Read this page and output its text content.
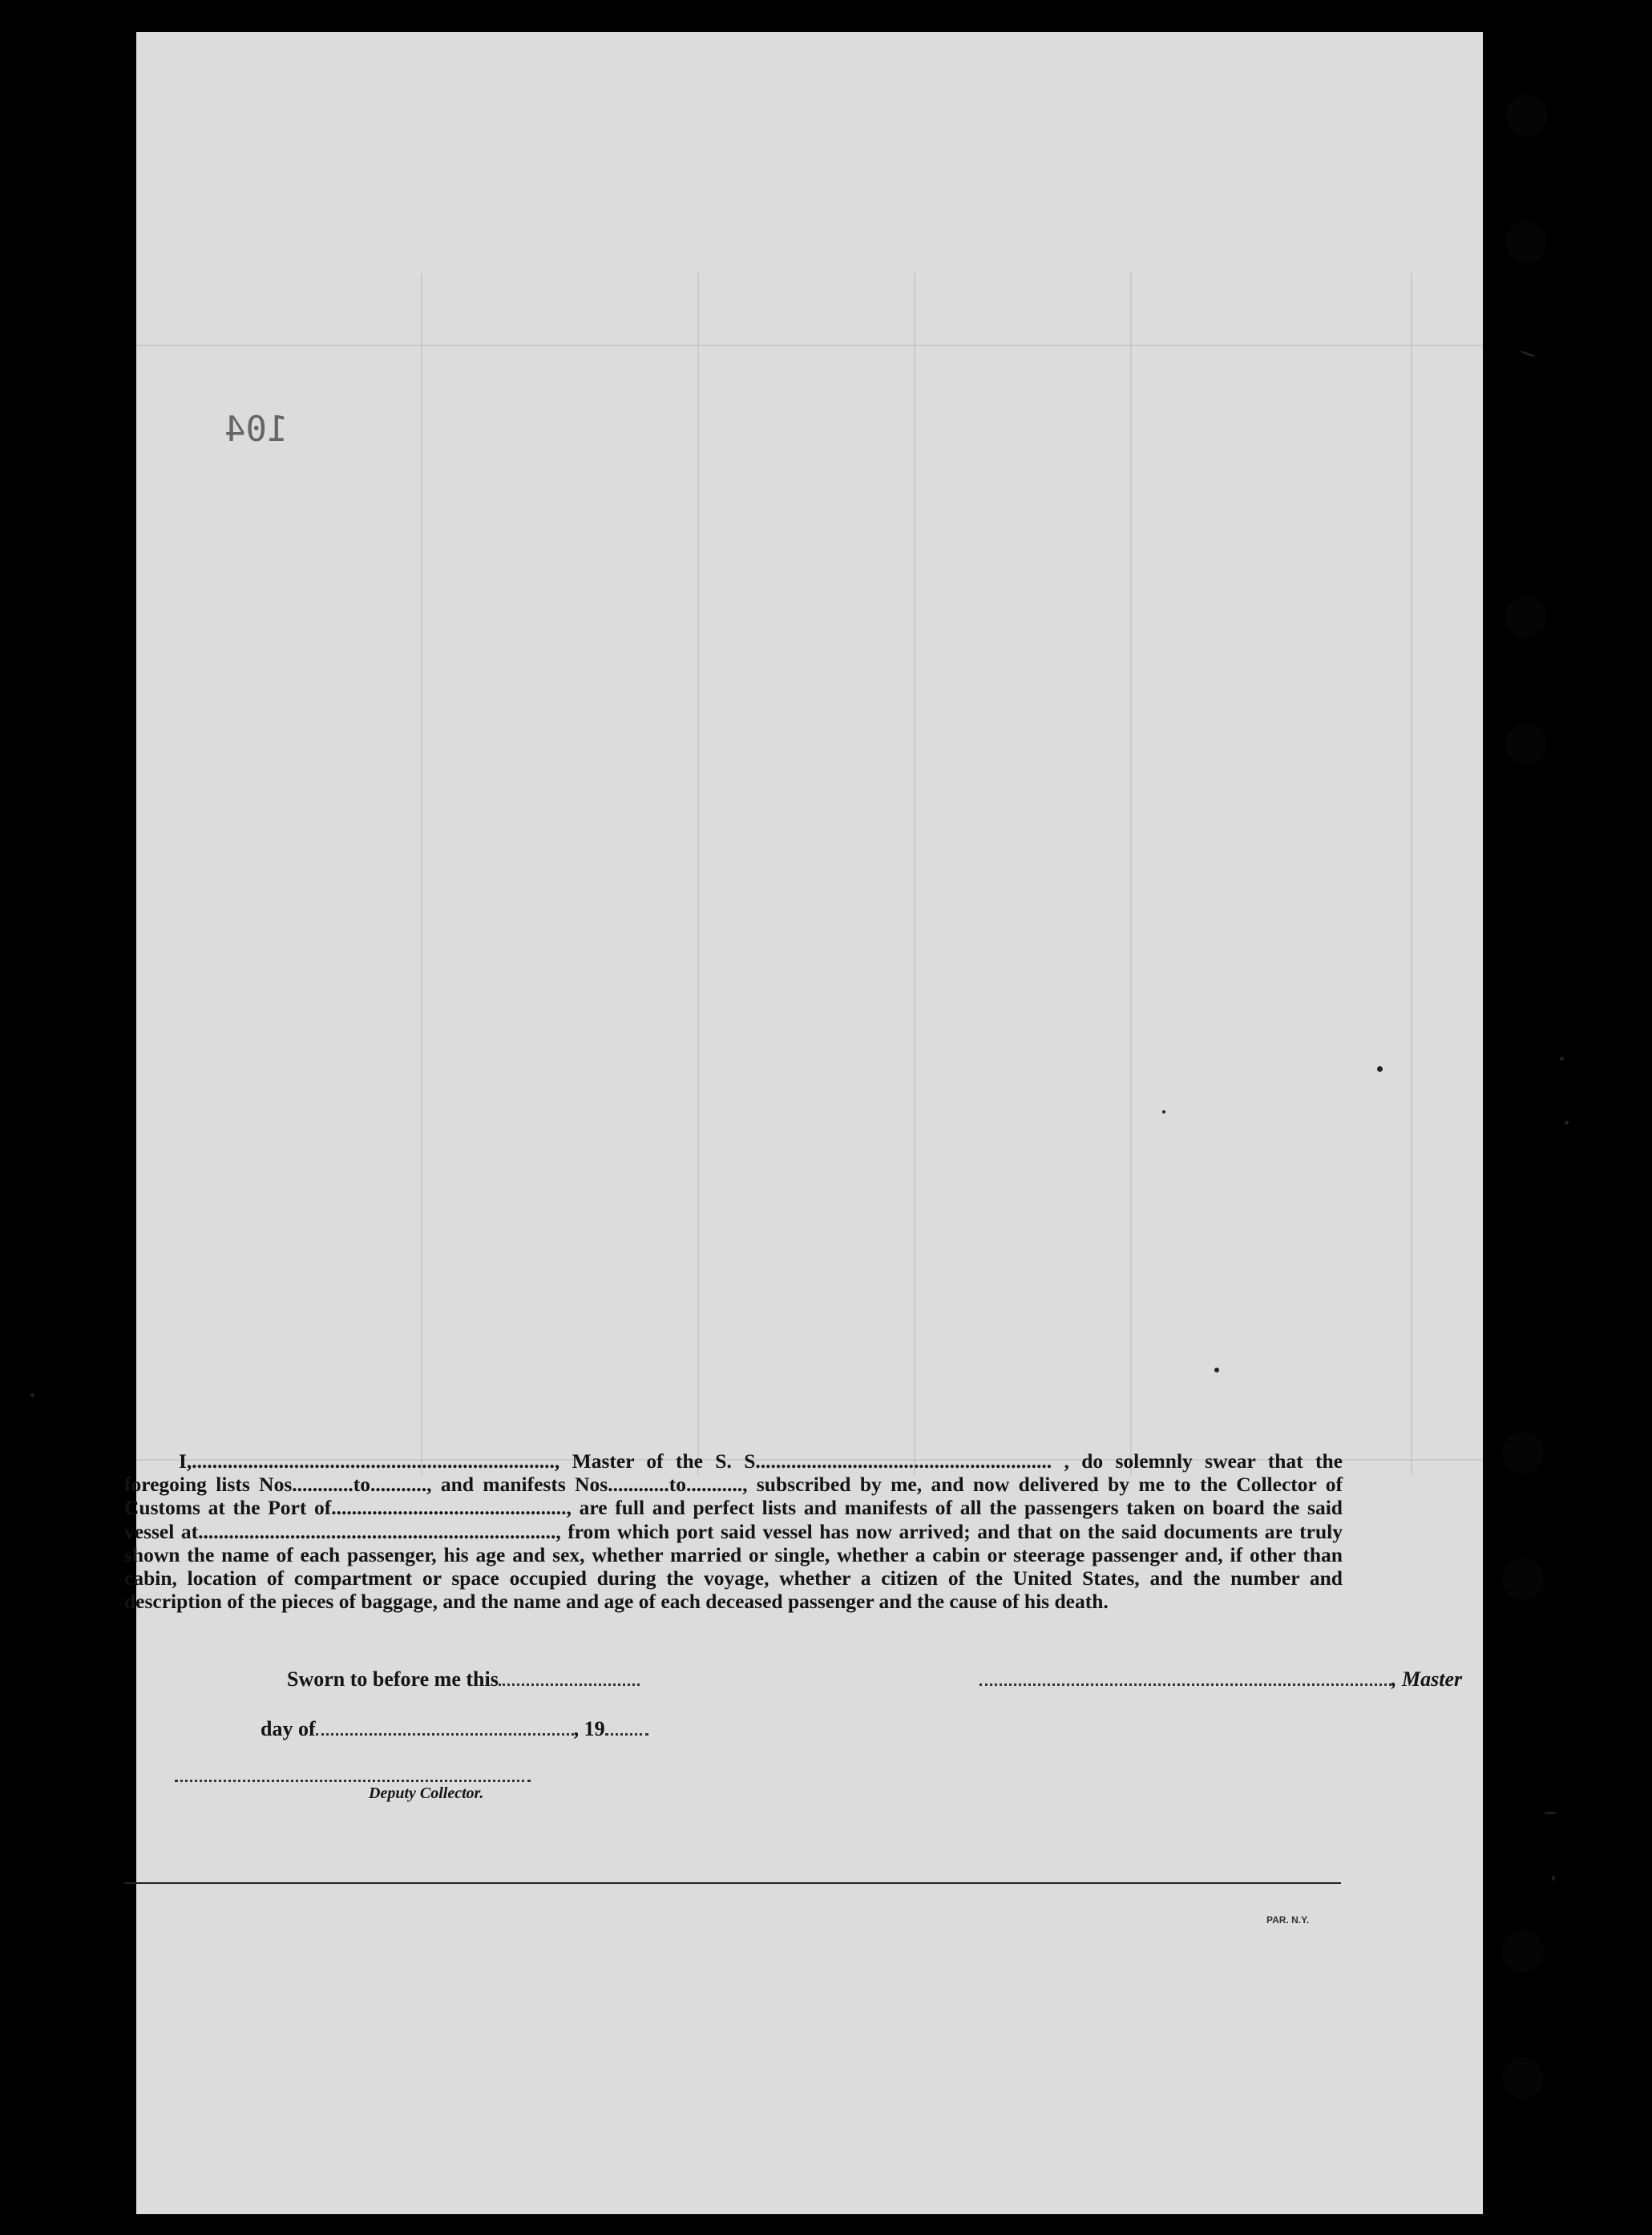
104

I,......................................................................., Master of the S. S.......................................................... , do solemnly swear that the foregoing lists Nos............to..........., and manifests Nos............to..........., subscribed by me, and now delivered by me to the Collector of Customs at the Port of.............................................., are full and perfect lists and manifests of all the passengers taken on board the said vessel at......................................................................, from which port said vessel has now arrived; and that on the said documents are truly shown the name of each passenger, his age and sex, whether married or single, whether a cabin or steerage passenger and, if other than cabin, location of compartment or space occupied during the voyage, whether a citizen of the United States, and the number and description of the pieces of baggage, and the name and age of each deceased passenger and the cause of his death.

Sworn to before me this	, Master
day of	, 19
Deputy Collector.
PAR. N.Y.
